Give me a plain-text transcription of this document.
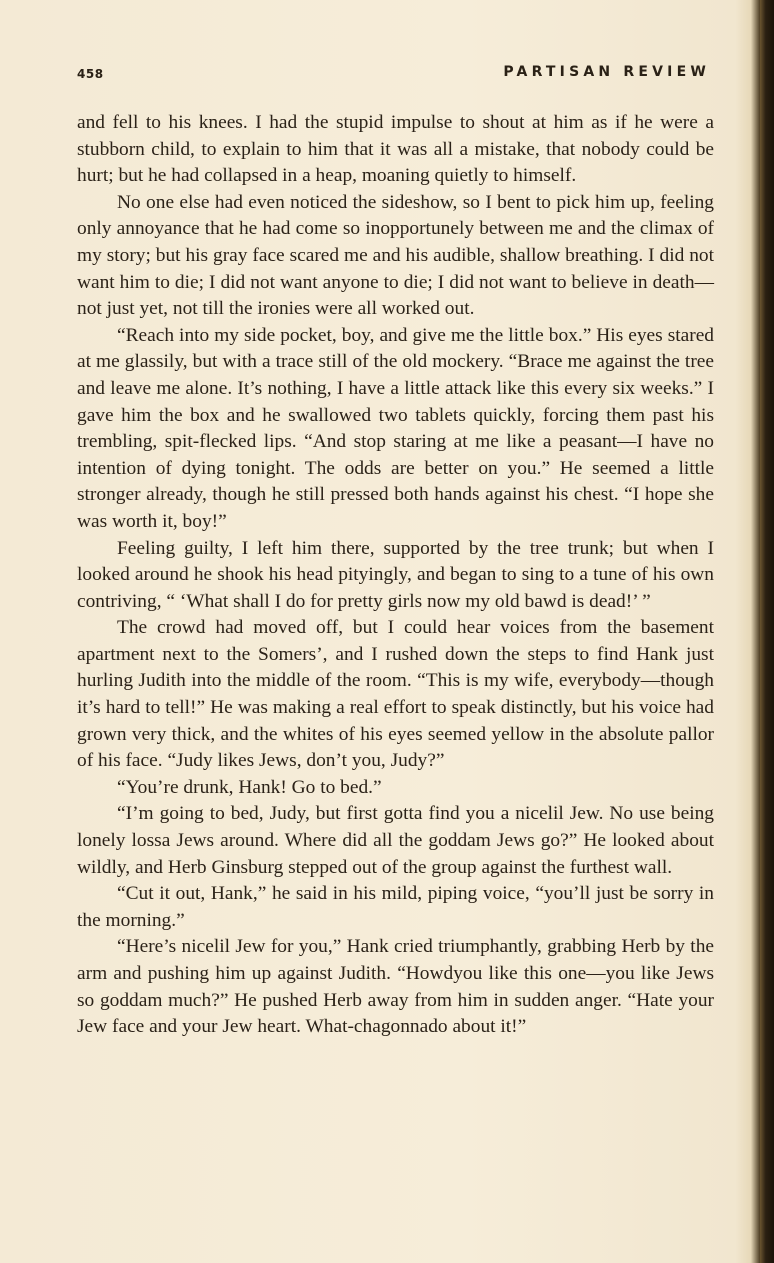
458	PARTISAN REVIEW

and fell to his knees. I had the stupid impulse to shout at him as if he were a stubborn child, to explain to him that it was all a mistake, that nobody could be hurt; but he had collapsed in a heap, moaning quietly to himself.

No one else had even noticed the sideshow, so I bent to pick him up, feeling only annoyance that he had come so inopportunely between me and the climax of my story; but his gray face scared me and his audible, shallow breathing. I did not want him to die; I did not want anyone to die; I did not want to believe in death—not just yet, not till the ironies were all worked out.

“Reach into my side pocket, boy, and give me the little box.” His eyes stared at me glassily, but with a trace still of the old mockery. “Brace me against the tree and leave me alone. It’s nothing, I have a little attack like this every six weeks.” I gave him the box and he swallowed two tablets quickly, forcing them past his trembling, spit-flecked lips. “And stop staring at me like a peasant—I have no intention of dying tonight. The odds are better on you.” He seemed a little stronger already, though he still pressed both hands against his chest. “I hope she was worth it, boy!”

Feeling guilty, I left him there, supported by the tree trunk; but when I looked around he shook his head pityingly, and began to sing to a tune of his own contriving, “ ‘What shall I do for pretty girls now my old bawd is dead!’ ”

The crowd had moved off, but I could hear voices from the basement apartment next to the Somers’, and I rushed down the steps to find Hank just hurling Judith into the middle of the room. “This is my wife, everybody—though it’s hard to tell!” He was making a real effort to speak distinctly, but his voice had grown very thick, and the whites of his eyes seemed yellow in the absolute pallor of his face. “Judy likes Jews, don’t you, Judy?”

“You’re drunk, Hank! Go to bed.”

“I’m going to bed, Judy, but first gotta find you a nicelil Jew. No use being lonely lossa Jews around. Where did all the goddam Jews go?” He looked about wildly, and Herb Ginsburg stepped out of the group against the furthest wall.

“Cut it out, Hank,” he said in his mild, piping voice, “you’ll just be sorry in the morning.”

“Here’s nicelil Jew for you,” Hank cried triumphantly, grabbing Herb by the arm and pushing him up against Judith. “Howdyou like this one—you like Jews so goddam much?” He pushed Herb away from him in sudden anger. “Hate your Jew face and your Jew heart. What-chagonnado about it!”
